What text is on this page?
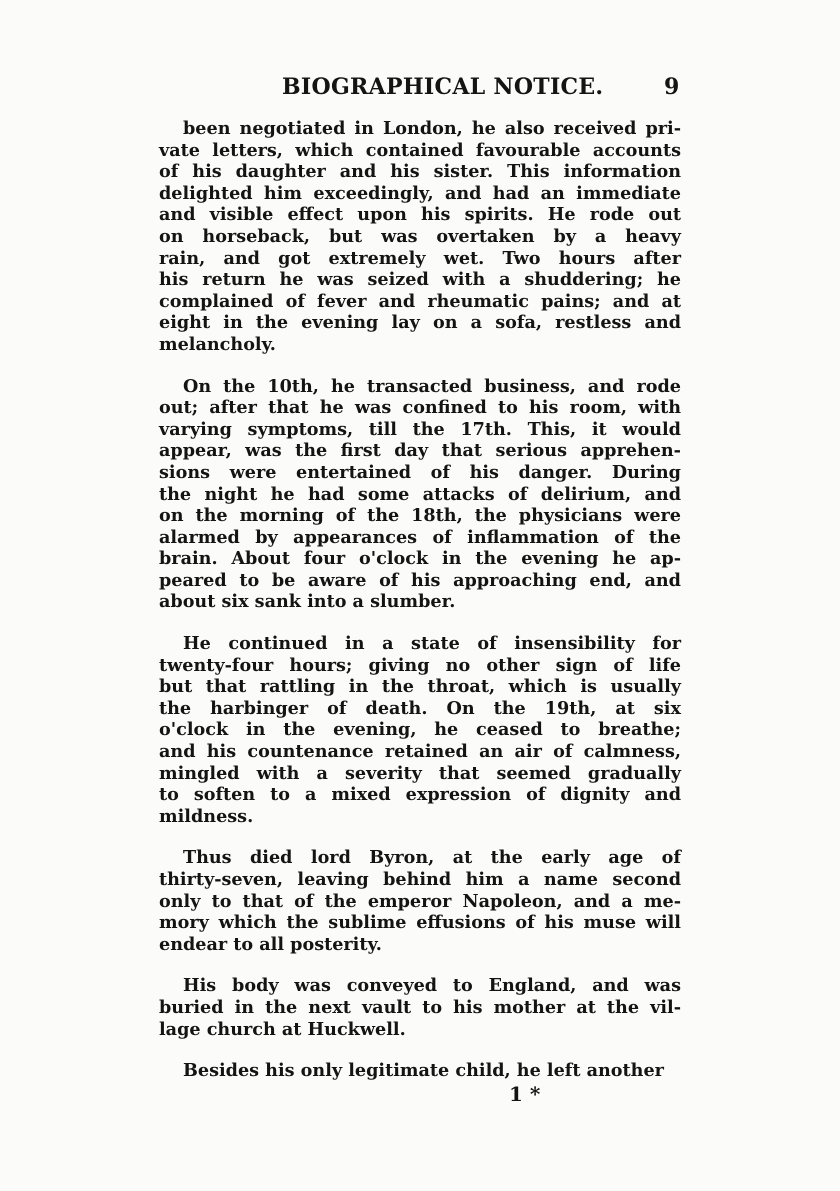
BIOGRAPHICAL NOTICE.	9
been negotiated in London, he also received pri-
vate letters, which contained favourable accounts
of his daughter and his sister. This information
delighted him exceedingly, and had an immediate
and visible effect upon his spirits. He rode out
on horseback, but was overtaken by a heavy
rain, and got extremely wet. Two hours after
his return he was seized with a shuddering; he
complained of fever and rheumatic pains; and at
eight in the evening lay on a sofa, restless and
melancholy.
On the 10th, he transacted business, and rode
out; after that he was confined to his room, with
varying symptoms, till the 17th. This, it would
appear, was the first day that serious apprehen-
sions were entertained of his danger. During
the night he had some attacks of delirium, and
on the morning of the 18th, the physicians were
alarmed by appearances of inflammation of the
brain. About four o'clock in the evening he ap-
peared to be aware of his approaching end, and
about six sank into a slumber.
He continued in a state of insensibility for
twenty-four hours; giving no other sign of life
but that rattling in the throat, which is usually
the harbinger of death. On the 19th, at six
o'clock in the evening, he ceased to breathe;
and his countenance retained an air of calmness,
mingled with a severity that seemed gradually
to soften to a mixed expression of dignity and
mildness.
Thus died lord Byron, at the early age of
thirty-seven, leaving behind him a name second
only to that of the emperor Napoleon, and a me-
mory which the sublime effusions of his muse will
endear to all posterity.
His body was conveyed to England, and was
buried in the next vault to his mother at the vil-
lage church at Huckwell.
Besides his only legitimate child, he left another
1 *
